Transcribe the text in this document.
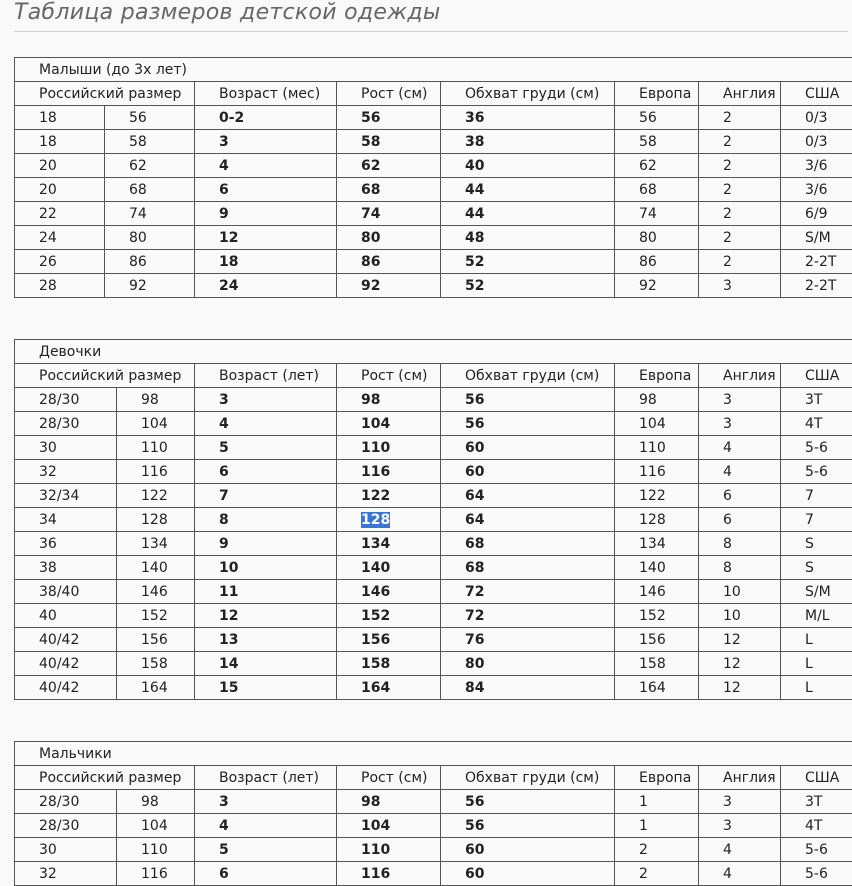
Таблица размеров детской одежды
Малыши (до 3х лет)							
Российский размер		Возраст (мес)	Рост (см)	Обхват груди (см)	Европа	Англия	США
18	56	0-2	56	36	56	2	0/3
18	58	3	58	38	58	2	0/3
20	62	4	62	40	62	2	3/6
20	68	6	68	44	68	2	3/6
22	74	9	74	44	74	2	6/9
24	80	12	80	48	80	2	S/M
26	86	18	86	52	86	2	2-2T
28	92	24	92	52	92	3	2-2T
Девочки							
Российский размер		Возраст (лет)	Рост (см)	Обхват груди (см)	Европа	Англия	США
28/30	98	3	98	56	98	3	3T
28/30	104	4	104	56	104	3	4T
30	110	5	110	60	110	4	5-6
32	116	6	116	60	116	4	5-6
32/34	122	7	122	64	122	6	7
34	128	8	128	64	128	6	7
36	134	9	134	68	134	8	S
38	140	10	140	68	140	8	S
38/40	146	11	146	72	146	10	S/M
40	152	12	152	72	152	10	M/L
40/42	156	13	156	76	156	12	L
40/42	158	14	158	80	158	12	L
40/42	164	15	164	84	164	12	L
Мальчики							
Российский размер		Возраст (лет)	Рост (см)	Обхват груди (см)	Европа	Англия	США
28/30	98	3	98	56	1	3	3T
28/30	104	4	104	56	1	3	4T
30	110	5	110	60	2	4	5-6
32	116	6	116	60	2	4	5-6
